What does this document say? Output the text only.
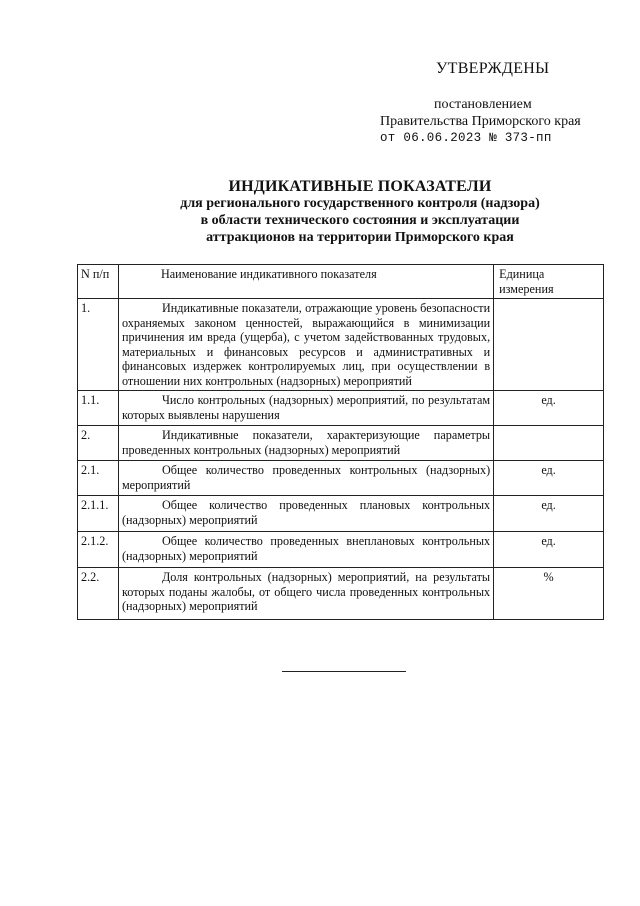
УТВЕРЖДЕНЫ
постановлением
Правительства Приморского края
от 06.06.2023 № 373-пп
ИНДИКАТИВНЫЕ ПОКАЗАТЕЛИ
для регионального государственного контроля (надзора)
в области технического состояния и эксплуатации
аттракционов на территории Приморского края
N п/п	Наименование индикативного показателя	Единица измерения
1.	Индикативные показатели, отражающие уровень безопасности охраняемых законом ценностей, выражающийся в минимизации причинения им вреда (ущерба), с учетом задействованных трудовых, материальных и финансовых ресурсов и административных и финансовых издержек контролируемых лиц, при осуществлении в отношении них контрольных (надзорных) мероприятий	
1.1.	Число контрольных (надзорных) мероприятий, по результатам которых выявлены нарушения	ед.
2.	Индикативные показатели, характеризующие параметры проведенных контрольных (надзорных) мероприятий	
2.1.	Общее количество проведенных контрольных (надзорных) мероприятий	ед.
2.1.1.	Общее количество проведенных плановых контрольных (надзорных) мероприятий	ед.
2.1.2.	Общее количество проведенных внеплановых контрольных (надзорных) мероприятий	ед.
2.2.	Доля контрольных (надзорных) мероприятий, на результаты которых поданы жалобы, от общего числа проведенных контрольных (надзорных) мероприятий	%
